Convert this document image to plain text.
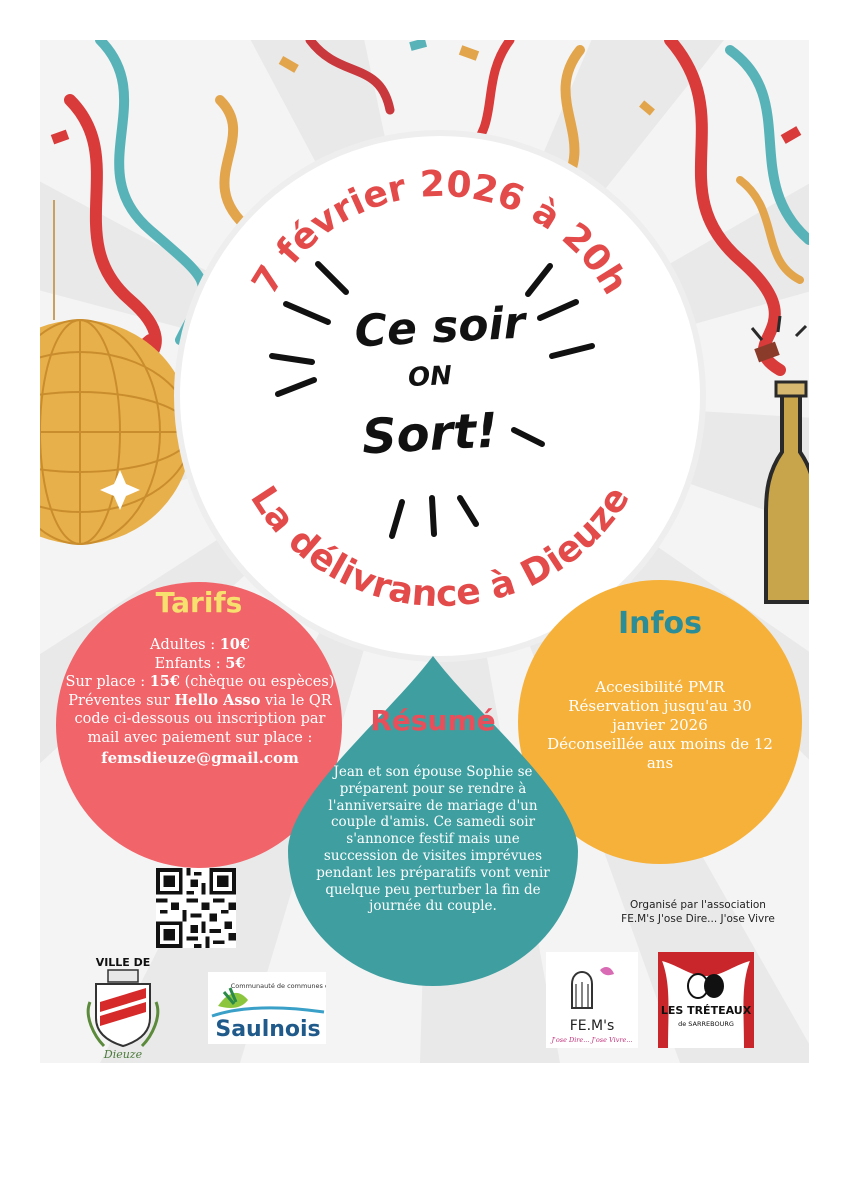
7 février 2026 à 20h
La délivrance à Dieuze
Ce soir
ON
Sort!
Tarifs
Adultes : 10€
Enfants : 5€
Sur place : 15€ (chèque ou espèces)
Préventes sur Hello Asso via le QR code ci-dessous ou inscription par mail avec paiement sur place :
femsdieuze@gmail.com
Infos
Accesibilité PMR
Réservation jusqu'au 30 janvier 2026
Déconseillée aux moins de 12 ans
Résumé
Jean et son épouse Sophie se préparent pour se rendre à l'anniversaire de mariage d'un couple d'amis. Ce samedi soir s'annonce festif mais une succession de visites imprévues pendant les préparatifs vont venir quelque peu perturber la fin de journée du couple.	Organisé par l'association
FE.M's J'ose Dire... J'ose Vivre
VILLE DE
Dieuze
Communauté de communes du
Saulnois	FE.M's
J'ose Dire... J'ose Vivre...
LES TRÉTEAUX
de SARREBOURG
